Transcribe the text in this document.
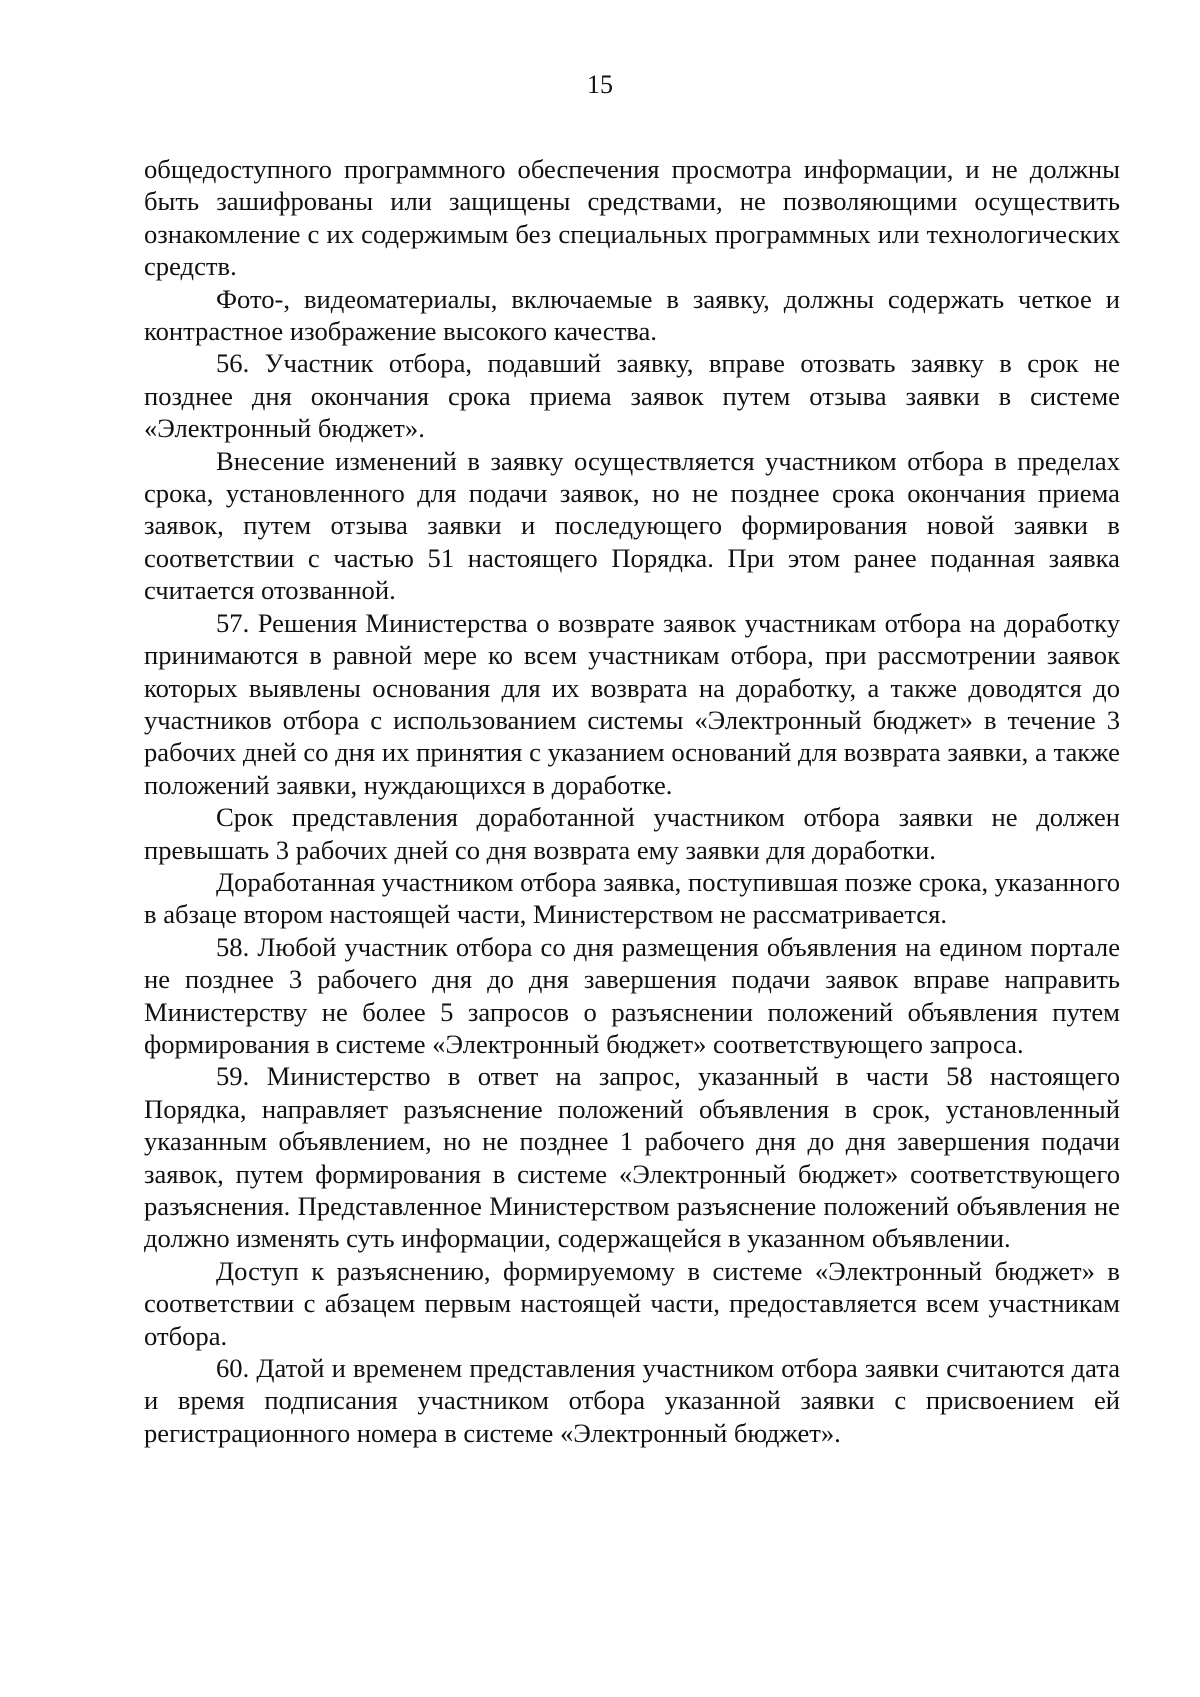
15

общедоступного программного обеспечения просмотра информации, и не должны быть зашифрованы или защищены средствами, не позволяющими осуществить ознакомление с их содержимым без специальных программных или технологических средств.

Фото-, видеоматериалы, включаемые в заявку, должны содержать четкое и контрастное изображение высокого качества.

56. Участник отбора, подавший заявку, вправе отозвать заявку в срок не позднее дня окончания срока приема заявок путем отзыва заявки в системе «Электронный бюджет».

Внесение изменений в заявку осуществляется участником отбора в пределах срока, установленного для подачи заявок, но не позднее срока окончания приема заявок, путем отзыва заявки и последующего формирования новой заявки в соответствии с частью 51 настоящего Порядка. При этом ранее поданная заявка считается отозванной.

57. Решения Министерства о возврате заявок участникам отбора на доработку принимаются в равной мере ко всем участникам отбора, при рассмотрении заявок которых выявлены основания для их возврата на доработку, а также доводятся до участников отбора с использованием системы «Электронный бюджет» в течение 3 рабочих дней со дня их принятия с указанием оснований для возврата заявки, а также положений заявки, нуждающихся в доработке.

Срок представления доработанной участником отбора заявки не должен превышать 3 рабочих дней со дня возврата ему заявки для доработки.

Доработанная участником отбора заявка, поступившая позже срока, указанного в абзаце втором настоящей части, Министерством не рассматривается.

58. Любой участник отбора со дня размещения объявления на едином портале не позднее 3 рабочего дня до дня завершения подачи заявок вправе направить Министерству не более 5 запросов о разъяснении положений объявления путем формирования в системе «Электронный бюджет» соответствующего запроса.

59. Министерство в ответ на запрос, указанный в части 58 настоящего Порядка, направляет разъяснение положений объявления в срок, установленный указанным объявлением, но не позднее 1 рабочего дня до дня завершения подачи заявок, путем формирования в системе «Электронный бюджет» соответствующего разъяснения. Представленное Министерством разъяснение положений объявления не должно изменять суть информации, содержащейся в указанном объявлении.

Доступ к разъяснению, формируемому в системе «Электронный бюджет» в соответствии с абзацем первым настоящей части, предоставляется всем участникам отбора.

60. Датой и временем представления участником отбора заявки считаются дата и время подписания участником отбора указанной заявки с присвоением ей регистрационного номера в системе «Электронный бюджет».
